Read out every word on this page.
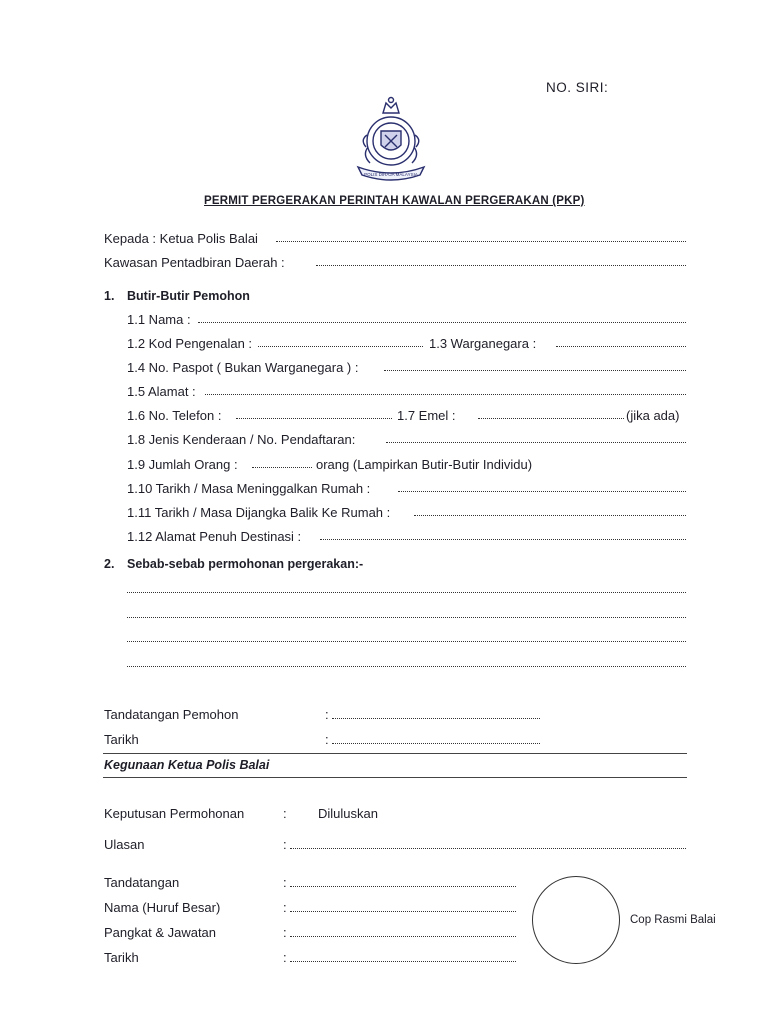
NO. SIRI:
POLIS DIRAJA MALAYSIA
PERMIT PERGERAKAN PERINTAH KAWALAN PERGERAKAN (PKP)
Kepada : Ketua Polis Balai
Kawasan Pentadbiran Daerah :
1. Butir-Butir Pemohon
1.1 Nama :
1.2 Kod Pengenalan :	1.3 Warganegara :
1.4 No. Paspot ( Bukan Warganegara ) :
1.5 Alamat :
1.6 No. Telefon :	1.7 Emel :	(jika ada)
1.8 Jenis Kenderaan / No. Pendaftaran:
1.9 Jumlah Orang :	orang (Lampirkan Butir-Butir Individu)
1.10 Tarikh / Masa Meninggalkan Rumah :
1.11 Tarikh / Masa Dijangka Balik Ke Rumah :
1.12 Alamat Penuh Destinasi :
2. Sebab-sebab permohonan pergerakan:-
Tandatangan Pemohon	:
Tarikh	:
Kegunaan Ketua Polis Balai
Keputusan Permohonan	: Diluluskan
Ulasan	:
Tandatangan	:
Nama (Huruf Besar)	:
Pangkat & Jawatan	:
Tarikh	:
Cop Rasmi Balai
